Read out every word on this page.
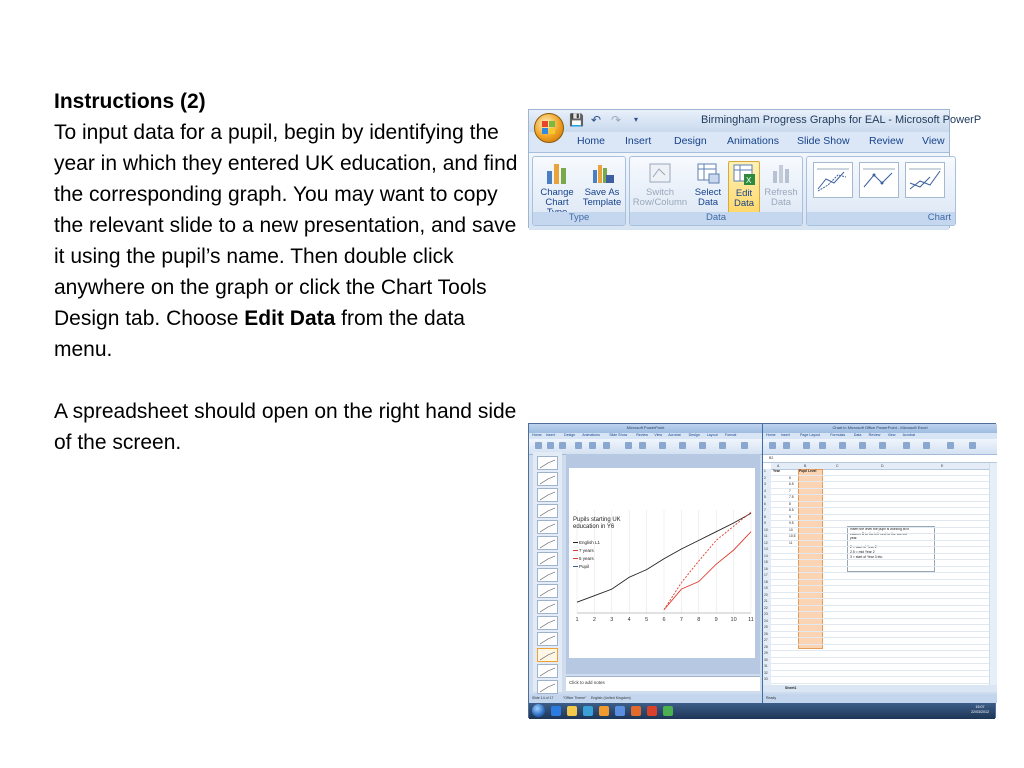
Instructions (2)

To input data for a pupil, begin by identifying the year in which they entered UK education, and find the corresponding graph. You may want to copy the relevant slide to a new presentation, and save it using the pupil’s name. Then double click anywhere on the graph or click the Chart Tools Design tab. Choose Edit Data from the data menu.

A spreadsheet should open on the right hand side of the screen.

💾 ↶ ↷	▾	Birmingham Progress Graphs for EAL - Microsoft PowerP
Home Insert Design Animations Slide Show Review View
Change
Chart
Save As
Template
Type
Switch
Row/Column
Select
Data
X
Edit
Data
Refresh
Data
Data	Chart
Microsoft PowerPoint
Home Insert	Design Animations	Slide Show	Review View Acrobat Design Layout Format
1	2	3	4	5	6	7	8	9 10 11
Pupils starting UK education in Y6
English L1
7 years
5 years
Pupil
Click to add notes
Slide 14 of 17	"Office Theme" English (United Kingdom)
Chart in Microsoft Office PowerPoint - Microsoft Excel
Home Insert	Page Layout	Formulas Data Review View Acrobat
B2
A	B	C	D	E
Insert the level the pupil is working at in
column B to the left next to the correct
year.

2 = start of Year 2
2.5 = mid Year 2
3 = start of Year 3 etc.
1 Year	Pupil Level
2	6
3	6.5
4	7
5	7.5
6	8
7	8.5
8	9
9	9.5
10	10
11	10.5
12	11
13
14
15
16
17
18
19
20
21
22
23
24
25
26
27
28
29
30
31
32
33
Sheet1
Ready
15:07
22/03/2012
